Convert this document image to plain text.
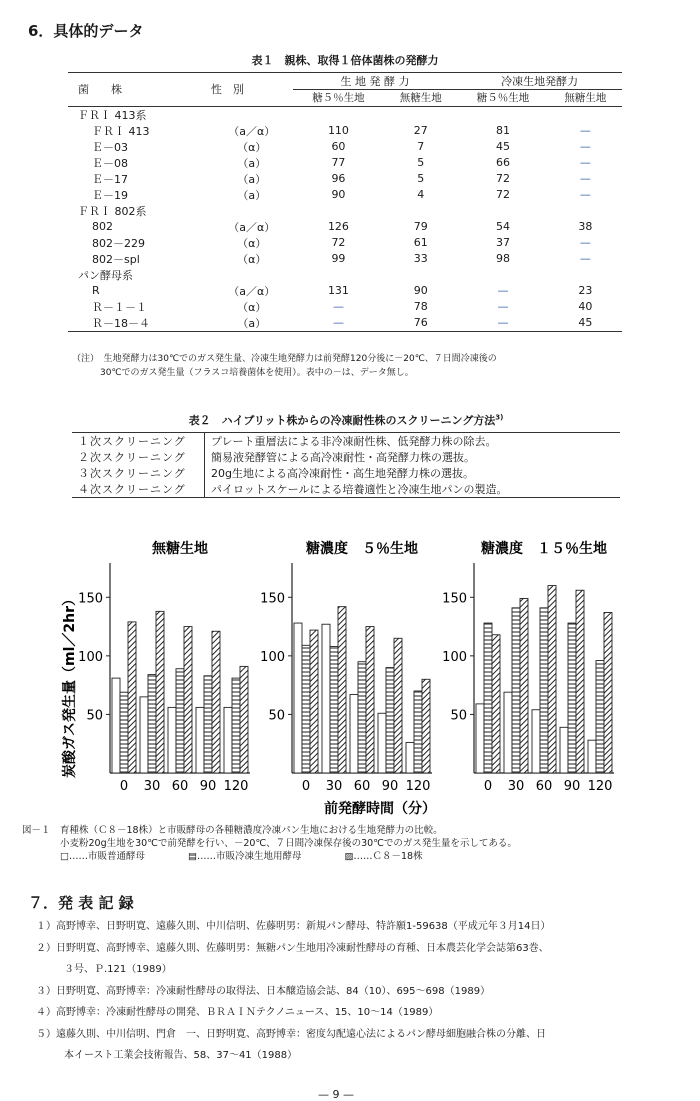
6．具体的データ
表１　親株、取得１倍体菌株の発酵力
菌　　株	性　別	生 地 発 酵 力		冷凍生地発酵力	
		糖５％生地	無糖生地	糖５％生地	無糖生地
ＦＲＩ 413系					
ＦＲＩ 413	（a／α）	110	27	81	—
Ｅ－03	（α）	60	7	45	—
Ｅ－08	（a）	77	5	66	—
Ｅ－17	（a）	96	5	72	—
Ｅ－19	（a）	90	4	72	—
ＦＲＩ 802系					
802	（a／α）	126	79	54	38
802－229	（α）	72	61	37	—
802－spl	（α）	99	33	98	—
パン酵母系					
R	（a／α）	131	90	—	23
Ｒ－１－１	（α）	—	78	—	40
Ｒ－18－４	（a）	—	76	—	45
（注）　生地発酵力は30℃でのガス発生量、冷凍生地発酵力は前発酵120分後に－20℃、７日間冷凍後の
30℃でのガス発生量（フラスコ培養菌体を使用）。表中の－は、データ無し。
表２　ハイブリット株からの冷凍耐性株のスクリーニング方法$^{3)}$
１次スクリーニング	プレート重層法による非冷凍耐性株、低発酵力株の除去。
２次スクリーニング	簡易液発酵管による高冷凍耐性・高発酵力株の選抜。
３次スクリーニング	20g生地による高冷凍耐性・高生地発酵力株の選抜。
４次スクリーニング	パイロットスケールによる培養適性と冷凍生地パンの製造。
無糖生地
50
100
150
0 30 60 90 120
糖濃度　５％生地
50
100
150
0 30 60 90 120
糖濃度　１５％生地
50
100
150
0 30 60 90 120
炭酸ガス発生量（ml／2hr）
前発酵時間（分）
図－１　育種株（Ｃ８－18株）と市販酵母の各種糖濃度冷凍パン生地における生地発酵力の比較。
小麦粉20g生地を30℃で前発酵を行い、－20℃、７日間冷凍保存後の30℃でのガス発生量を示してある。
□……市販普通酵母	▤……市販冷凍生地用酵母	▨……Ｃ８－18株
７．発 表 記 録
１）高野博幸、日野明寛、遠藤久則、中川信明、佐藤明男：新規パン酵母、特許願1-59638（平成元年３月14日）
２）日野明寛、高野博幸、遠藤久則、佐藤明男：無糖パン生地用冷凍耐性酵母の育種、日本農芸化学会誌第63巻、
３号、Ｐ.121（1989）
３）日野明寛、高野博幸：冷凍耐性酵母の取得法、日本醸造協会誌、84（10）、695～698（1989）
４）高野博幸：冷凍耐性酵母の開発、ＢＲＡＩＮテクノニュース、15、10～14（1989）
５）遠藤久則、中川信明、門倉　一、日野明寛、高野博幸：密度勾配遠心法によるパン酵母細胞融合株の分離、日
本イースト工業会技術報告、58、37～41（1988）
— 9 —
